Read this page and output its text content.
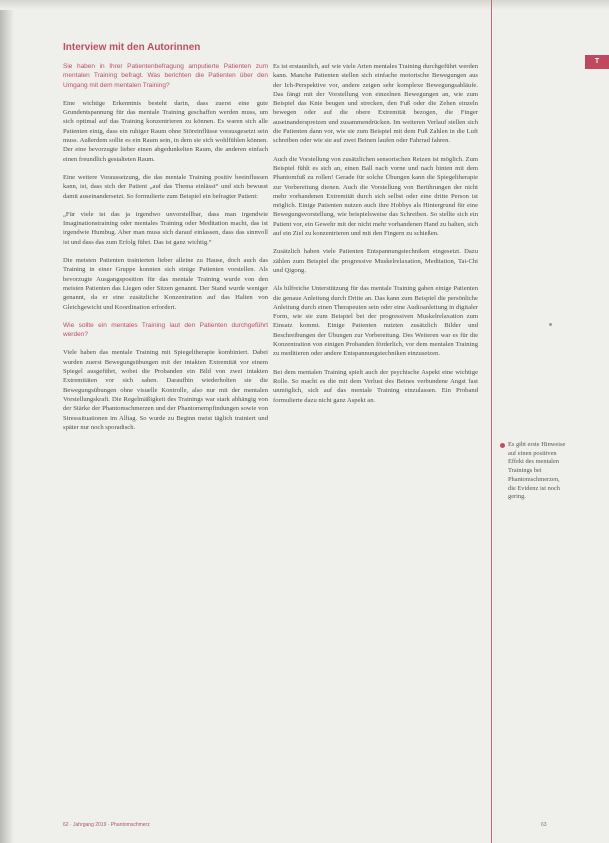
T
Interview mit den Autorinnen

Sie haben in Ihrer Patientenbefragung amputierte Patienten zum mentalen Training befragt. Was berichten die Patienten über den Umgang mit dem mentalen Training?

Eine wichtige Erkenntnis besteht darin, dass zuerst eine gute Grundentspannung für das mentale Training geschaffen werden muss, um sich optimal auf das Training konzentrieren zu können. Es waren sich alle Patienten einig, dass ein ruhiger Raum ohne Störeinflüsse vorausgesetzt sein muss. Außerdem sollte es ein Raum sein, in dem sie sich wohlfühlen können. Der eine bevorzugte lieber einen abgedunkelten Raum, die anderen einfach einen freundlich gestalteten Raum.

Eine weitere Voraussetzung, die das mentale Training positiv beeinflussen kann, ist, dass sich der Patient „auf das Thema einlässt“ und sich bewusst damit auseinandersetzt. So formulierte zum Beispiel ein befragter Patient:

„Für viele ist das ja irgendwo unvorstellbar, dass man irgendwie Imaginationstraining oder mentales Training oder Meditation macht, das ist irgendwie Humbug. Aber man muss sich darauf einlassen, dass das sinnvoll ist und dass das zum Erfolg führt. Das ist ganz wichtig.“

Die meisten Patienten trainierten lieber alleine zu Hause, doch auch das Training in einer Gruppe konnten sich einige Patienten vorstellen. Als bevorzugte Ausgangsposition für das mentale Training wurde von den meisten Patienten das Liegen oder Sitzen genannt. Der Stand wurde weniger genannt, da er eine zusätzliche Konzentration auf das Halten von Gleichgewicht und Koordination erfordert.

Wie sollte ein mentales Training laut den Patienten durchgeführt werden?

Viele haben das mentale Training mit Spiegeltherapie kombiniert. Dabei wurden zuerst Bewegungsübungen mit der intakten Extremität vor einem Spiegel ausgeführt, wobei die Probanden ein Bild von zwei intakten Extremitäten vor sich sahen. Daraufhin wiederholten sie die Bewegungsübungen ohne visuelle Kontrolle, also nur mit der mentalen Vorstellungskraft. Die Regelmäßigkeit des Trainings war stark abhängig von der Stärke der Phantomschmerzen und der Phantomempfindungen sowie von Stresssituationen im Alltag. So wurde zu Beginn meist täglich trainiert und später nur noch sporadisch.

Es ist erstaunlich, auf wie viele Arten mentales Training durchgeführt werden kann. Manche Patienten stellen sich einfache motorische Bewegungen aus der Ich-Perspektive vor, andere zeigen sehr komplexe Bewegungsabläufe. Das fängt mit der Vorstellung von einzelnen Bewegungen an, wie zum Beispiel das Knie beugen und strecken, den Fuß oder die Zehen einzeln bewegen oder auf die obere Extremität bezogen, die Finger auseinanderspreizen und zusammendrücken. Im weiteren Verlauf stellen sich die Patienten dann vor, wie sie zum Beispiel mit dem Fuß Zahlen in die Luft schreiben oder wie sie auf zwei Beinen laufen oder Fahrrad fahren.

Auch die Vorstellung von zusätzlichen sensorischen Reizen ist möglich. Zum Beispiel fühlt es sich an, einen Ball nach vorne und nach hinten mit dem Phantomfuß zu rollen! Gerade für solche Übungen kann die Spiegeltherapie zur Vorbereitung dienen. Auch die Vorstellung von Berührungen der nicht mehr vorhandenen Extremität durch sich selbst oder eine dritte Person ist möglich. Einige Patienten nutzen auch ihre Hobbys als Hintergrund für eine Bewegungsvorstellung, wie beispielsweise das Schreiben. So stellte sich ein Patient vor, ein Gewehr mit der nicht mehr vorhandenen Hand zu halten, sich auf ein Ziel zu konzentrieren und mit den Fingern zu schießen.

Zusätzlich haben viele Patienten Entspannungstechniken eingesetzt. Dazu zählen zum Beispiel die progressive Muskelrelaxation, Meditation, Tai-Chi und Qigong.

Als hilfreiche Unterstützung für das mentale Training gaben einige Patienten die genaue Anleitung durch Dritte an. Das kann zum Beispiel die persönliche Anleitung durch einen Therapeuten sein oder eine Audioanleitung in digitaler Form, wie sie zum Beispiel bei der progressiven Muskelrelaxation zum Einsatz kommt. Einige Patienten nutzten zusätzlich Bilder und Beschreibungen der Übungen zur Vorbereitung. Des Weiteren war es für die Konzentration von einigen Probanden förderlich, vor dem mentalen Training zu meditieren oder andere Entspannungstechniken einzusetzen.

Bei dem mentalen Training spielt auch der psychische Aspekt eine wichtige Rolle. So macht es die mit dem Verlust des Beines verbundene Angst fast unmöglich, sich auf das mentale Training einzulassen. Ein Proband formulierte dazu nicht ganz Aspekt an.

Es gibt erste Hinweise auf einen positiven Effekt des mentalen Trainings bei Phantomschmerzen, die Evidenz ist noch gering.
62 · Jahrgang 2019 · Phantomschmerz	63
